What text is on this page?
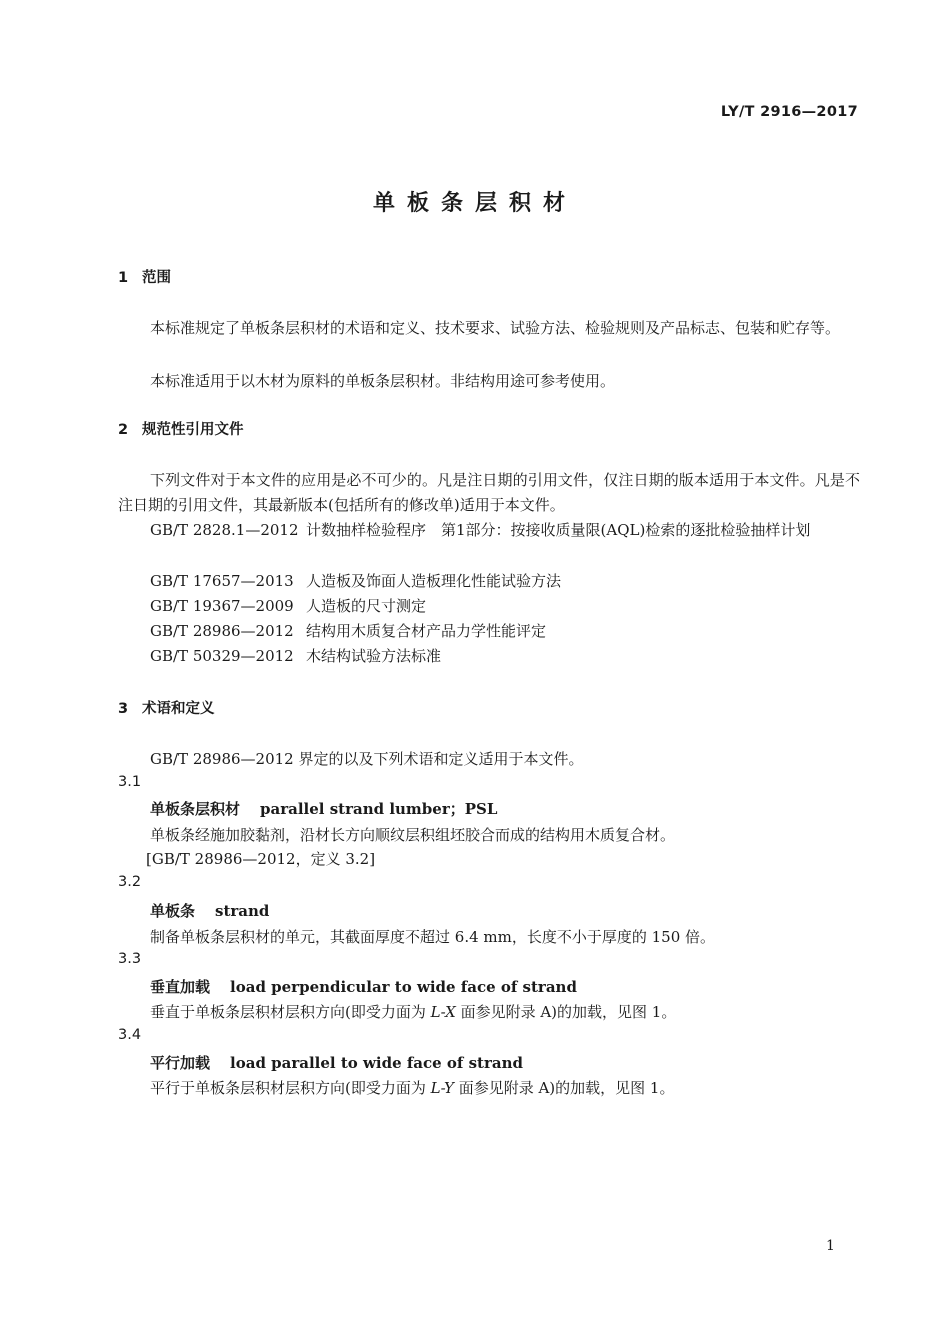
LY/T 2916—2017
单板条层积材
1 范围
本标准规定了单板条层积材的术语和定义、技术要求、试验方法、检验规则及产品标志、包装和贮存等。
本标准适用于以木材为原料的单板条层积材。非结构用途可参考使用。
2 规范性引用文件
下列文件对于本文件的应用是必不可少的。凡是注日期的引用文件，仅注日期的版本适用于本文件。凡是不注日期的引用文件，其最新版本(包括所有的修改单)适用于本文件。
GB/T 2828.1—2012 计数抽样检验程序　第1部分：按接收质量限(AQL)检索的逐批检验抽样计划
GB/T 17657—2013 人造板及饰面人造板理化性能试验方法
GB/T 19367—2009 人造板的尺寸测定
GB/T 28986—2012 结构用木质复合材产品力学性能评定
GB/T 50329—2012 木结构试验方法标准
3 术语和定义
GB/T 28986—2012 界定的以及下列术语和定义适用于本文件。
3.1
单板条层积材 parallel strand lumber；PSL
单板条经施加胶黏剂，沿材长方向顺纹层积组坯胶合而成的结构用木质复合材。
[GB/T 28986—2012，定义 3.2]
3.2
单板条 strand
制备单板条层积材的单元，其截面厚度不超过 6.4 mm，长度不小于厚度的 150 倍。
3.3
垂直加载 load perpendicular to wide face of strand
垂直于单板条层积材层积方向(即受力面为 L-X 面参见附录 A)的加载，见图 1。
3.4
平行加载 load parallel to wide face of strand
平行于单板条层积材层积方向(即受力面为 L-Y 面参见附录 A)的加载，见图 1。
1
